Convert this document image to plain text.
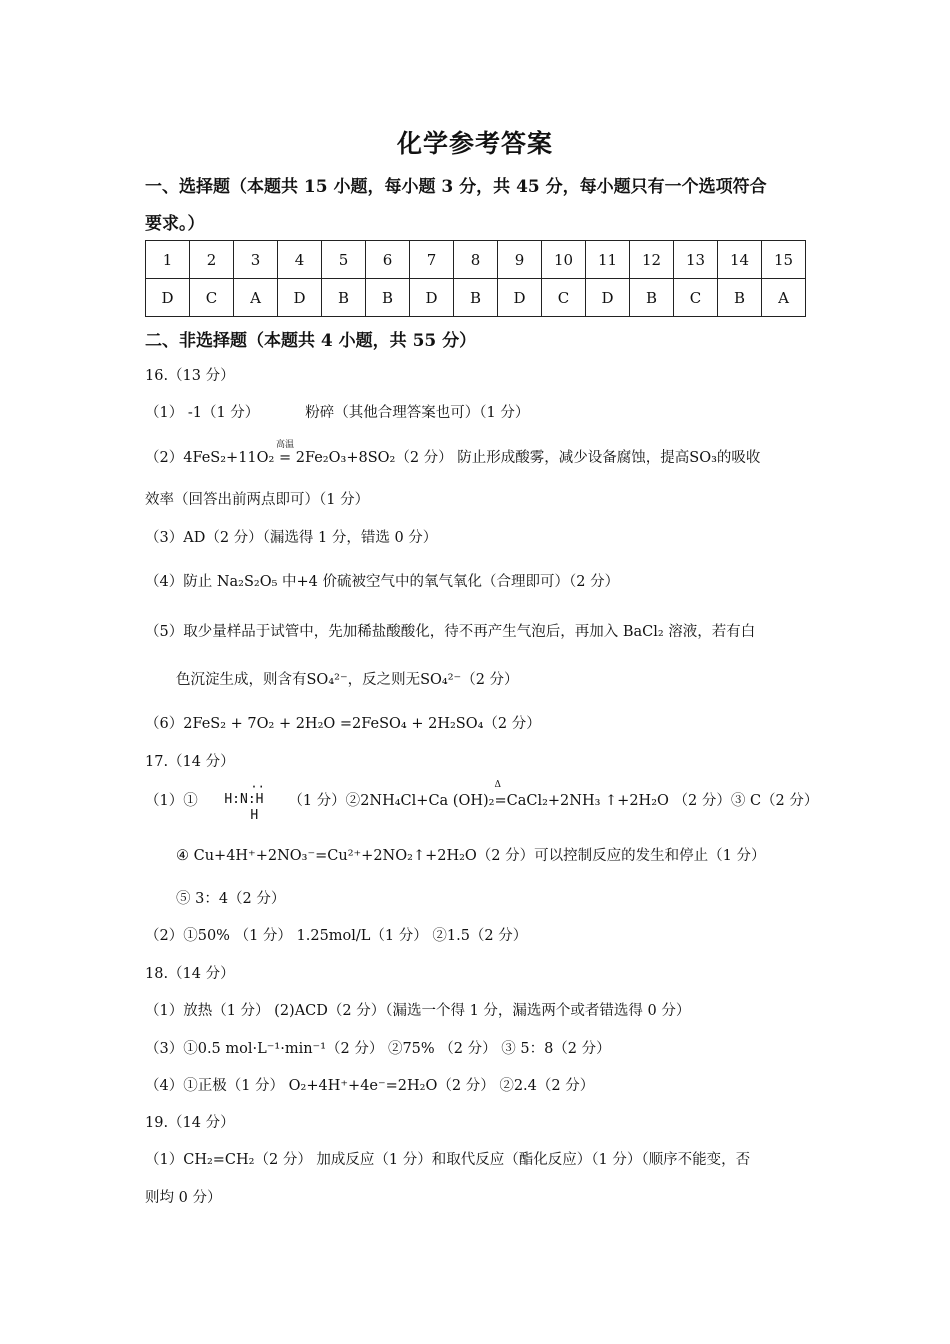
化学参考答案
一、选择题（本题共 15 小题，每小题 3 分，共 45 分，每小题只有一个选项符合
要求。）
1	2	3	4	5	6	7	8	9	10	11	12	13	14	15
D	C	A	D	B	B	D	B	D	C	D	B	C	B	A
二、非选择题（本题共 4 小题，共 55 分）
16.（13 分）
（1） -1（1 分）	粉碎（其他合理答案也可）（1 分）
（2）4FeS₂+11O₂
高温
= 2Fe₂O₃+8SO₂（2 分） 防止形成酸雾，减少设备腐蚀，提高SO₃的吸收
效率（回答出前两点即可）（1 分）
（3）AD（2 分）（漏选得 1 分，错选 0 分）
（4）防止 Na₂S₂O₅ 中+4 价硫被空气中的氧气氧化（合理即可）（2 分）
（5）取少量样品于试管中，先加稀盐酸酸化，待不再产生气泡后，再加入 BaCl₂ 溶液，若有白
色沉淀生成，则含有SO₄²⁻，反之则无SO₄²⁻（2 分）
（6）2FeS₂ + 7O₂ + 2H₂O =2FeSO₄ + 2H₂SO₄（2 分）
17.（14 分）
（1）①
··
H:N:H
H
（1 分）②2NH₄Cl+Ca (OH)₂
Δ
=CaCl₂+2NH₃ ↑+2H₂O （2 分）③ C（2 分）
④ Cu+4H⁺+2NO₃⁻=Cu²⁺+2NO₂↑+2H₂O（2 分）可以控制反应的发生和停止（1 分）
⑤ 3：4（2 分）
（2）①50% （1 分） 1.25mol/L（1 分） ②1.5（2 分）
18.（14 分）
（1）放热（1 分） (2)ACD（2 分）（漏选一个得 1 分，漏选两个或者错选得 0 分）
（3）①0.5 mol·L⁻¹·min⁻¹（2 分） ②75% （2 分） ③ 5：8（2 分）
（4）①正极（1 分） O₂+4H⁺+4e⁻=2H₂O（2 分） ②2.4（2 分）
19.（14 分）
（1）CH₂=CH₂（2 分） 加成反应（1 分）和取代反应（酯化反应）（1 分）（顺序不能变，否
则均 0 分）
